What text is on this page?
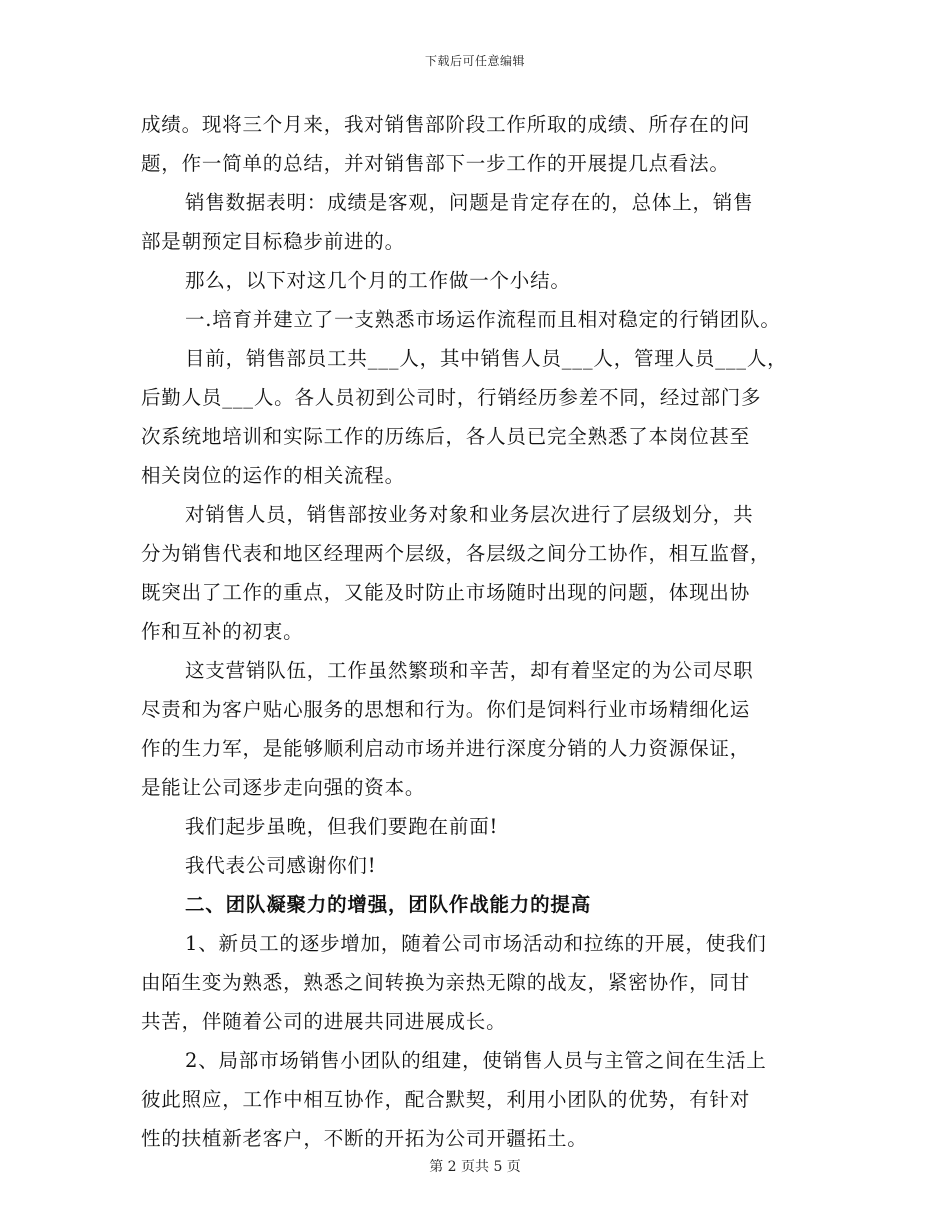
下载后可任意编辑
成绩。现将三个月来，我对销售部阶段工作所取的成绩、所存在的问
题，作一简单的总结，并对销售部下一步工作的开展提几点看法。
销售数据表明：成绩是客观，问题是肯定存在的，总体上，销售
部是朝预定目标稳步前进的。
那么，以下对这几个月的工作做一个小结。
一.培育并建立了一支熟悉市场运作流程而且相对稳定的行销团队。
目前，销售部员工共___人，其中销售人员___人，管理人员___人，
后勤人员___人。各人员初到公司时，行销经历参差不同，经过部门多
次系统地培训和实际工作的历练后，各人员已完全熟悉了本岗位甚至
相关岗位的运作的相关流程。
对销售人员，销售部按业务对象和业务层次进行了层级划分，共
分为销售代表和地区经理两个层级，各层级之间分工协作，相互监督，
既突出了工作的重点，又能及时防止市场随时出现的问题，体现出协
作和互补的初衷。
这支营销队伍，工作虽然繁琐和辛苦，却有着坚定的为公司尽职
尽责和为客户贴心服务的思想和行为。你们是饲料行业市场精细化运
作的生力军，是能够顺利启动市场并进行深度分销的人力资源保证，
是能让公司逐步走向强的资本。
我们起步虽晚，但我们要跑在前面!
我代表公司感谢你们!
二、团队凝聚力的增强，团队作战能力的提高
1、新员工的逐步增加，随着公司市场活动和拉练的开展，使我们
由陌生变为熟悉，熟悉之间转换为亲热无隙的战友，紧密协作，同甘
共苦，伴随着公司的进展共同进展成长。
2、局部市场销售小团队的组建，使销售人员与主管之间在生活上
彼此照应，工作中相互协作，配合默契，利用小团队的优势，有针对
性的扶植新老客户，不断的开拓为公司开疆拓土。
第 2 页共 5 页
